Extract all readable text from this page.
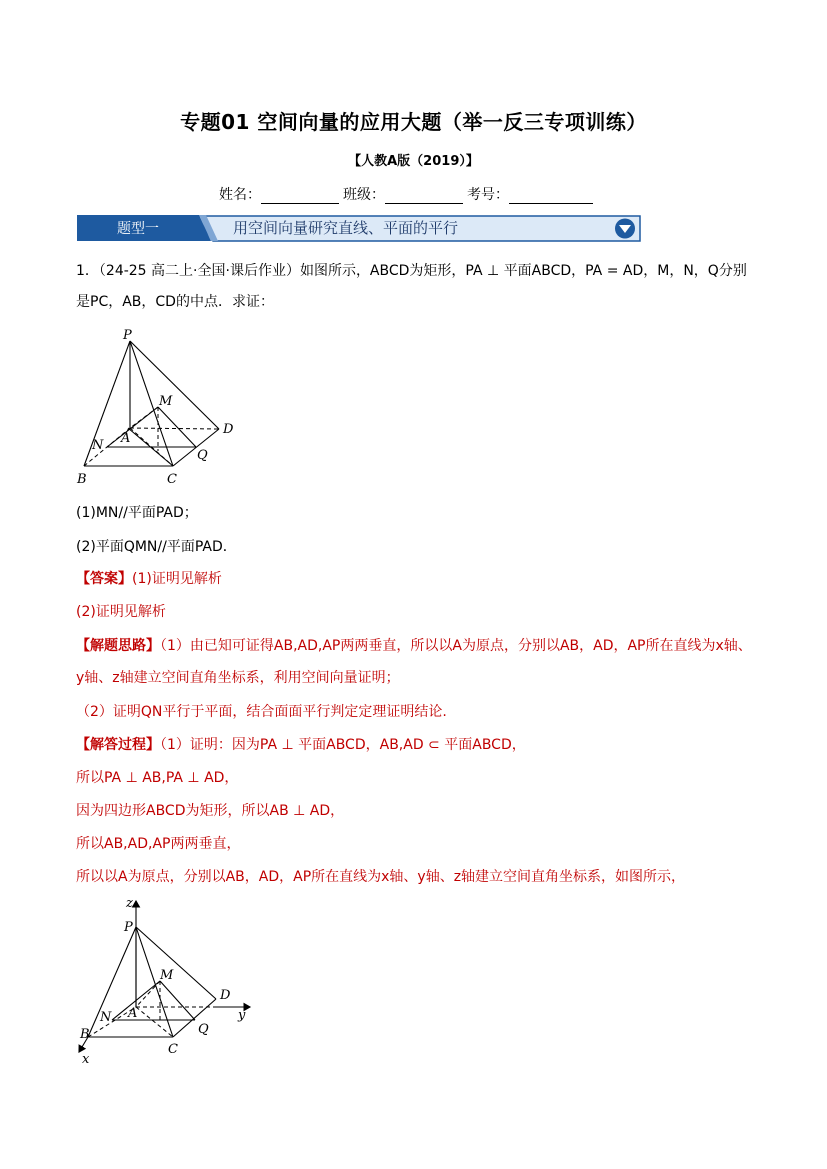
专题01 空间向量的应用大题（举一反三专项训练）
【人教A版（2019）】
姓名：	班级：	考号：
题型一	用空间向量研究直线、平面的平行
1．（24-25 高二上·全国·课后作业）如图所示，ABCD为矩形，PA ⊥ 平面ABCD，PA = AD，M，N，Q分别
是PC，AB，CD的中点．求证：
P
M
D
N A
B	C
Q
(1)MN//平面PAD；
(2)平面QMN//平面PAD．
【答案】(1)证明见解析
(2)证明见解析
【解题思路】（1）由已知可证得AB,AD,AP两两垂直，所以以A为原点，分别以AB，AD，AP所在直线为x轴、
y轴、z轴建立空间直角坐标系，利用空间向量证明；
（2）证明QN平行于平面，结合面面平行判定定理证明结论.
【解答过程】（1）证明：因为PA ⊥ 平面ABCD，AB,AD ⊂ 平面ABCD，
所以PA ⊥ AB,PA ⊥ AD，
因为四边形ABCD为矩形，所以AB ⊥ AD，
所以AB,AD,AP两两垂直，
所以以A为原点，分别以AB，AD，AP所在直线为x轴、y轴、z轴建立空间直角坐标系，如图所示，
z
P
M
D
y
N A
B	Q
C
x
